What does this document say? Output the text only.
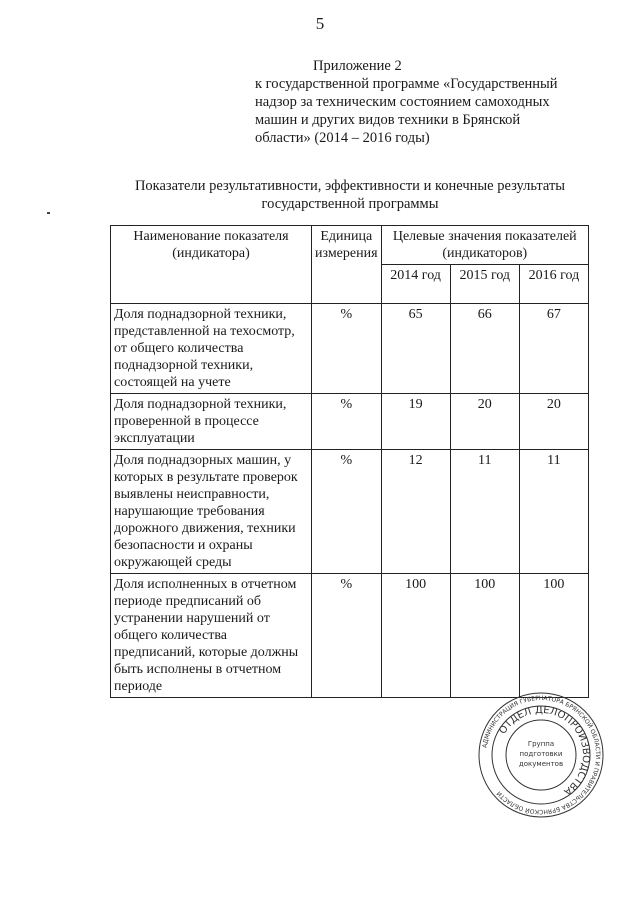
5
Приложение 2
к государственной программе «Государственный
надзор за техническим состоянием самоходных
машин и других видов техники в Брянской
области» (2014 – 2016 годы)
Показатели результативности, эффективности и конечные результаты
государственной программы
Наименование показателя (индикатора)	Единица измерения	Целевые значения показателей (индикаторов)		
		2014 год	2015 год	2016 год
Доля поднадзорной техники, представленной на техосмотр, от общего количества поднадзорной техники, состоящей на учете	%	65	66	67
Доля поднадзорной техники, проверенной в процессе эксплуатации	%	19	20	20
Доля поднадзорных машин, у которых в результате проверок выявлены неисправности, нарушающие требования дорожного движения, техники безопасности и охраны окружающей среды	%	12	11	11
Доля исполненных в отчетном периоде предписаний об устранении нарушений от общего количества предписаний, которые должны быть исполнены в отчетном периоде	%	100	100	100
АДМИНИСТРАЦИЯ ГУБЕРНАТОРА БРЯНСКОЙ ОБЛАСТИ И ПРАВИТЕЛЬСТВА БРЯНСКОЙ ОБЛАСТИ
ОТДЕЛ ДЕЛОПРОИЗВОДСТВА
Группа
подготовки
документов
